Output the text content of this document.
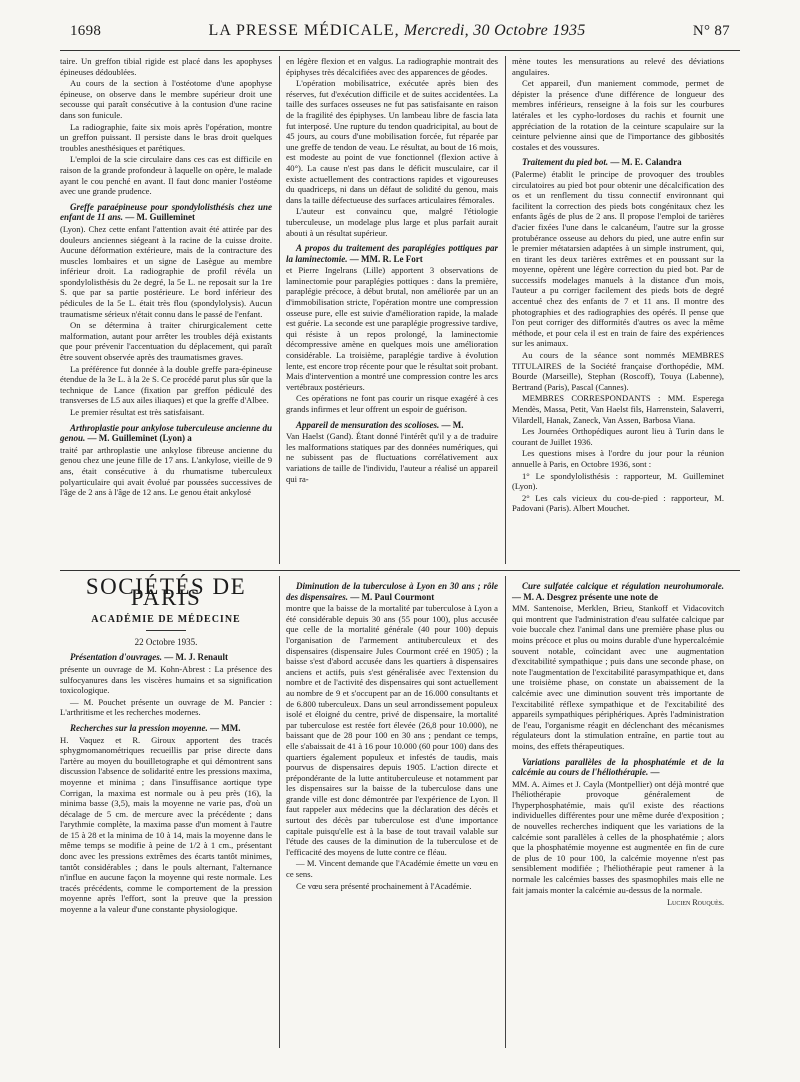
1698	LA PRESSE MÉDICALE, Mercredi, 30 Octobre 1935	N° 87

taire. Un greffon tibial rigide est placé dans les apophyses épineuses dédoublées.

Au cours de la section à l'ostéotome d'une apophyse épineuse, on observe dans le membre supérieur droit une secousse qui paraît consécutive à la contusion d'une racine dans son funicule.

La radiographie, faite six mois après l'opération, montre un greffon puissant. Il persiste dans le bras droit quelques troubles anesthésiques et parétiques.

L'emploi de la scie circulaire dans ces cas est difficile en raison de la grande profondeur à laquelle on opère, le malade ayant le cou penché en avant. Il faut donc manier l'ostéome avec une grande prudence.

Greffe paraépineuse pour spondylolisthésis chez une enfant de 11 ans. — M. Guilleminet

(Lyon). Chez cette enfant l'attention avait été attirée par des douleurs anciennes siégeant à la racine de la cuisse droite. Aucune déformation extérieure, mais de la contracture des muscles lombaires et un signe de Lasègue au membre inférieur droit. La radiographie de profil révéla un spondylolisthésis du 2e degré, la 5e L. ne reposait sur la 1re S. que par sa partie postérieure. Le bord inférieur des pédicules de la 5e L. était très flou (spondylolysis). Aucun traumatisme sérieux n'était connu dans le passé de l'enfant.

On se détermina à traiter chirurgicalement cette malformation, autant pour arrêter les troubles déjà existants que pour prévenir l'accentuation du déplacement, qui paraît être souvent observée après des traumatismes graves.

La préférence fut donnée à la double greffe para-épineuse étendue de la 3e L. à la 2e S. Ce procédé parut plus sûr que la technique de Lance (fixation par greffon pédiculé des transverses de L5 aux ailes iliaques) et que la greffe d'Albee.

Le premier résultat est très satisfaisant.

Arthroplastie pour ankylose tuberculeuse ancienne du genou. — M. Guilleminet (Lyon) a

traité par arthroplastie une ankylose fibreuse ancienne du genou chez une jeune fille de 17 ans. L'ankylose, vieille de 9 ans, était consécutive à du rhumatisme tuberculeux polyarticulaire qui avait évolué par poussées successives de l'âge de 2 ans à l'âge de 12 ans. Le genou était ankylosé

en légère flexion et en valgus. La radiographie montrait des épiphyses très décalcifiées avec des apparences de géodes.

L'opération mobilisatrice, exécutée après bien des réserves, fut d'exécution difficile et de suites accidentées. La taille des surfaces osseuses ne fut pas satisfaisante en raison de la fragilité des épiphyses. Un lambeau libre de fascia lata fut interposé. Une rupture du tendon quadricipital, au bout de 45 jours, au cours d'une mobilisation forcée, fut réparée par une greffe de tendon de veau. Le résultat, au bout de 16 mois, est modeste au point de vue fonctionnel (flexion active à 40°). La cause n'est pas dans le déficit musculaire, car il existe actuellement des contractions rapides et vigoureuses du quadriceps, ni dans un défaut de solidité du genou, mais dans la taille défectueuse des surfaces articulaires fémorales.

L'auteur est convaincu que, malgré l'étiologie tuberculeuse, un modelage plus large et plus parfait aurait abouti à un résultat supérieur.

A propos du traitement des paraplégies pottiques par la laminectomie. — MM. R. Le Fort

et Pierre Ingelrans (Lille) apportent 3 observations de laminectomie pour paraplégies pottiques : dans la première, paraplégie précoce, à début brutal, non améliorée par un an d'immobilisation stricte, l'opération montre une compression osseuse pure, elle est suivie d'amélioration rapide, la malade est guérie. La seconde est une paraplégie progressive tardive, qui résiste à un repos prolongé, la laminectomie décompressive amène en quelques mois une amélioration considérable. La troisième, paraplégie tardive à évolution lente, est encore trop récente pour que le résultat soit probant. Mais d'intervention a montré une compression contre les arcs vertébraux postérieurs.

Ces opérations ne font pas courir un risque exagéré à ces grands infirmes et leur offrent un espoir de guérison.

Appareil de mensuration des scolioses. — M.

Van Haelst (Gand). Étant donné l'intérêt qu'il y a de traduire les malformations statiques par des données numériques, qui ne subissent pas de fluctuations corrélativement aux variations de taille de l'individu, l'auteur a réalisé un appareil qui ra-

mène toutes les mensurations au relevé des déviations angulaires.

Cet appareil, d'un maniement commode, permet de dépister la présence d'une différence de longueur des membres inférieurs, renseigne à la fois sur les courbures latérales et les cypho-lordoses du rachis et fournit une appréciation de la rotation de la ceinture scapulaire sur la ceinture pelvienne ainsi que de l'importance des gibbosités costales et des voussures.

Traitement du pied bot. — M. E. Calandra

(Palerme) établit le principe de provoquer des troubles circulatoires au pied bot pour obtenir une décalcification des os et un renflement du tissu connectif environnant qui facilitent la correction des pieds bots congénitaux chez les enfants âgés de plus de 2 ans. Il propose l'emploi de tarières d'acier fixées l'une dans le calcanéum, l'autre sur la grosse protubérance osseuse au dehors du pied, une autre enfin sur le premier métatarsien adaptées à un simple instrument, qui, en tirant les deux tarières extrêmes et en poussant sur la moyenne, opèrent une légère correction du pied bot. Par de successifs modelages manuels à la distance d'un mois, l'auteur a pu corriger facilement des pieds bots de degré accentué chez des enfants de 7 et 11 ans. Il montre des photographies et des radiographies des opérés. Il pense que l'on peut corriger des difformités d'autres os avec la même méthode, et pour cela il est en train de faire des expériences sur les animaux.

Au cours de la séance sont nommés MEMBRES TITULAIRES de la Société française d'orthopédie, MM. Bourde (Marseille), Stephan (Roscoff), Touya (Labenne), Bertrand (Paris), Pascal (Cannes).

MEMBRES CORRESPONDANTS : MM. Esperega Mendès, Massa, Petit, Van Haelst fils, Harrenstein, Salaverri, Vilardell, Hanak, Zaneck, Van Assen, Barbosa Viana.

Les Journées Orthopédiques auront lieu à Turin dans le courant de Juillet 1936.

Les questions mises à l'ordre du jour pour la réunion annuelle à Paris, en Octobre 1936, sont :

1° Le spondylolisthésis : rapporteur, M. Guilleminet (Lyon).

2° Les cals vicieux du cou-de-pied : rapporteur, M. Padovani (Paris). Albert Mouchet.

SOCIÉTÉS DE PARIS
ACADÉMIE DE MÉDECINE
22 Octobre 1935.
Présentation d'ouvrages. — M. J. Renault

présente un ouvrage de M. Kohn-Abrest : La présence des sulfocyanures dans les viscères humains et sa signification toxicologique.

— M. Pouchet présente un ouvrage de M. Pancier : L'arthritisme et les recherches modernes.

Recherches sur la pression moyenne. — MM.

H. Vaquez et R. Giroux apportent des tracés sphygmomanométriques recueillis par prise directe dans l'artère au moyen du bouilletographe et qui démontrent sans discussion l'absence de solidarité entre les pressions maxima, moyenne et minima ; dans l'insuffisance aortique type Corrigan, la maxima est normale ou à peu près (16), la minima basse (3,5), mais la moyenne ne varie pas, d'où un décalage de 5 cm. de mercure avec la précédente ; dans l'arythmie complète, la maxima passe d'un moment à l'autre de 15 à 28 et la minima de 10 à 14, mais la moyenne dans le même temps se modifie à peine de 1/2 à 1 cm., présentant donc avec les pressions extrêmes des écarts tantôt minimes, tantôt considérables ; dans le pouls alternant, l'alternance n'influe en aucune façon la moyenne qui reste normale. Les tracés précédents, comme le comportement de la pression moyenne après l'effort, sont la preuve que la pression moyenne a la valeur d'une constante physiologique.

Diminution de la tuberculose à Lyon en 30 ans ; rôle des dispensaires. — M. Paul Courmont

montre que la baisse de la mortalité par tuberculose à Lyon a été considérable depuis 30 ans (55 pour 100), plus accusée que celle de la mortalité générale (40 pour 100) depuis l'organisation de l'armement antituberculeux et des dispensaires (dispensaire Jules Courmont créé en 1905) ; la baisse s'est d'abord accusée dans les quartiers à dispensaires anciens et actifs, puis s'est généralisée avec l'extension du nombre et de l'activité des dispensaires qui sont actuellement au nombre de 9 et s'occupent par an de 16.000 consultants et de 6.800 tuberculeux. Dans un seul arrondissement populeux isolé et éloigné du centre, privé de dispensaire, la mortalité par tuberculose est restée fort élevée (26,8 pour 10.000), ne baissant que de 28 pour 100 en 30 ans ; pendant ce temps, elle s'abaissait de 41 à 16 pour 10.000 (60 pour 100) dans des quartiers également populeux et infestés de taudis, mais pourvus de dispensaires depuis 1905. L'action directe et prépondérante de la lutte antituberculeuse et notamment par les dispensaires sur la baisse de la tuberculose dans une grande ville est donc démontrée par l'expérience de Lyon. Il faut rappeler aux médecins que la déclaration des décès et surtout des décès par tuberculose est d'une importance capitale puisqu'elle est à la base de tout travail valable sur l'étude des causes de la diminution de la tuberculose et de l'efficacité des moyens de lutte contre ce fléau.

— M. Vincent demande que l'Académie émette un vœu en ce sens.

Ce vœu sera présenté prochainement à l'Académie.

Cure sulfatée calcique et régulation neurohumorale. — M. A. Desgrez présente une note de

MM. Santenoise, Merklen, Brieu, Stankoff et Vidacovitch qui montrent que l'administration d'eau sulfatée calcique par voie buccale chez l'animal dans une première phase plus ou moins précoce et plus ou moins durable d'une hypercalcémie souvent notable, coïncidant avec une augmentation d'excitabilité sympathique ; puis dans une seconde phase, on note l'augmentation de l'excitabilité parasympathique et, dans une troisième phase, on constate un abaissement de la calcémie avec une diminution souvent très importante de l'excitabilité réflexe sympathique et de l'excitabilité des appareils sympathiques périphériques. Après l'administration de l'eau, l'organisme réagit en déclenchant des mécanismes régulateurs dont la stimulation entraîne, en partie tout au moins, des effets thérapeutiques.

Variations parallèles de la phosphatémie et de la calcémie au cours de l'héliothérapie. —

MM. A. Aimes et J. Cayla (Montpellier) ont déjà montré que l'héliothérapie provoque généralement de l'hyperphosphatémie, mais qu'il existe des réactions individuelles différentes pour une même durée d'exposition ; de nouvelles recherches indiquent que les variations de la calcémie sont parallèles à celles de la phosphatémie ; alors que la phosphatémie moyenne est augmentée en fin de cure de plus de 10 pour 100, la calcémie moyenne n'est pas sensiblement modifiée ; l'héliothérapie peut ramener à la normale les calcémies basses des spasmophiles mais elle ne fait jamais monter la calcémie au-dessus de la normale.

Lucien Rouquès.
